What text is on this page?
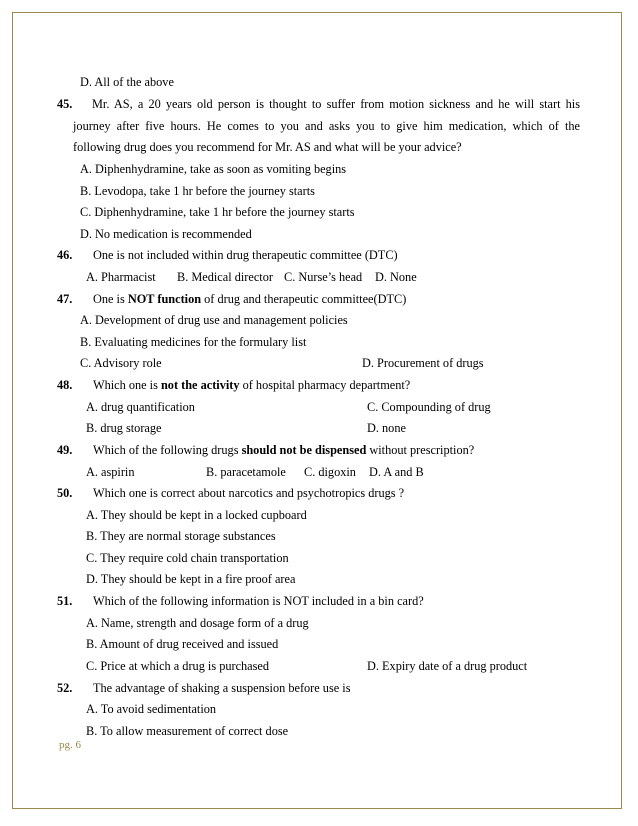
D. All of the above
45. Mr. AS, a 20 years old person is thought to suffer from motion sickness and he will start his
journey after five hours. He comes to you and asks you to give him medication, which of the
following drug does you recommend for Mr. AS and what will be your advice?
A. Diphenhydramine, take as soon as vomiting begins
B. Levodopa, take 1 hr before the journey starts
C. Diphenhydramine, take 1 hr before the journey starts
D. No medication is recommended
46. One is not included within drug therapeutic committee (DTC)
A. Pharmacist B. Medical director C. Nurse’s head D. None
47. One is NOT function of drug and therapeutic committee(DTC)
A. Development of drug use and management policies
B. Evaluating medicines for the formulary list
C. Advisory role	D. Procurement of drugs
48. Which one is not the activity of hospital pharmacy department?
A. drug quantification	C. Compounding of drug
B. drug storage	D. none
49. Which of the following drugs should not be dispensed without prescription?
A. aspirin	B. paracetamole C. digoxin D. A and B
50. Which one is correct about narcotics and psychotropics drugs ?
A. They should be kept in a locked cupboard
B. They are normal storage substances
C. They require cold chain transportation
D. They should be kept in a fire proof area
51. Which of the following information is NOT included in a bin card?
A. Name, strength and dosage form of a drug
B. Amount of drug received and issued
C. Price at which a drug is purchased	D. Expiry date of a drug product
52. The advantage of shaking a suspension before use is
A. To avoid sedimentation
B. To allow measurement of correct dose
pg. 6
